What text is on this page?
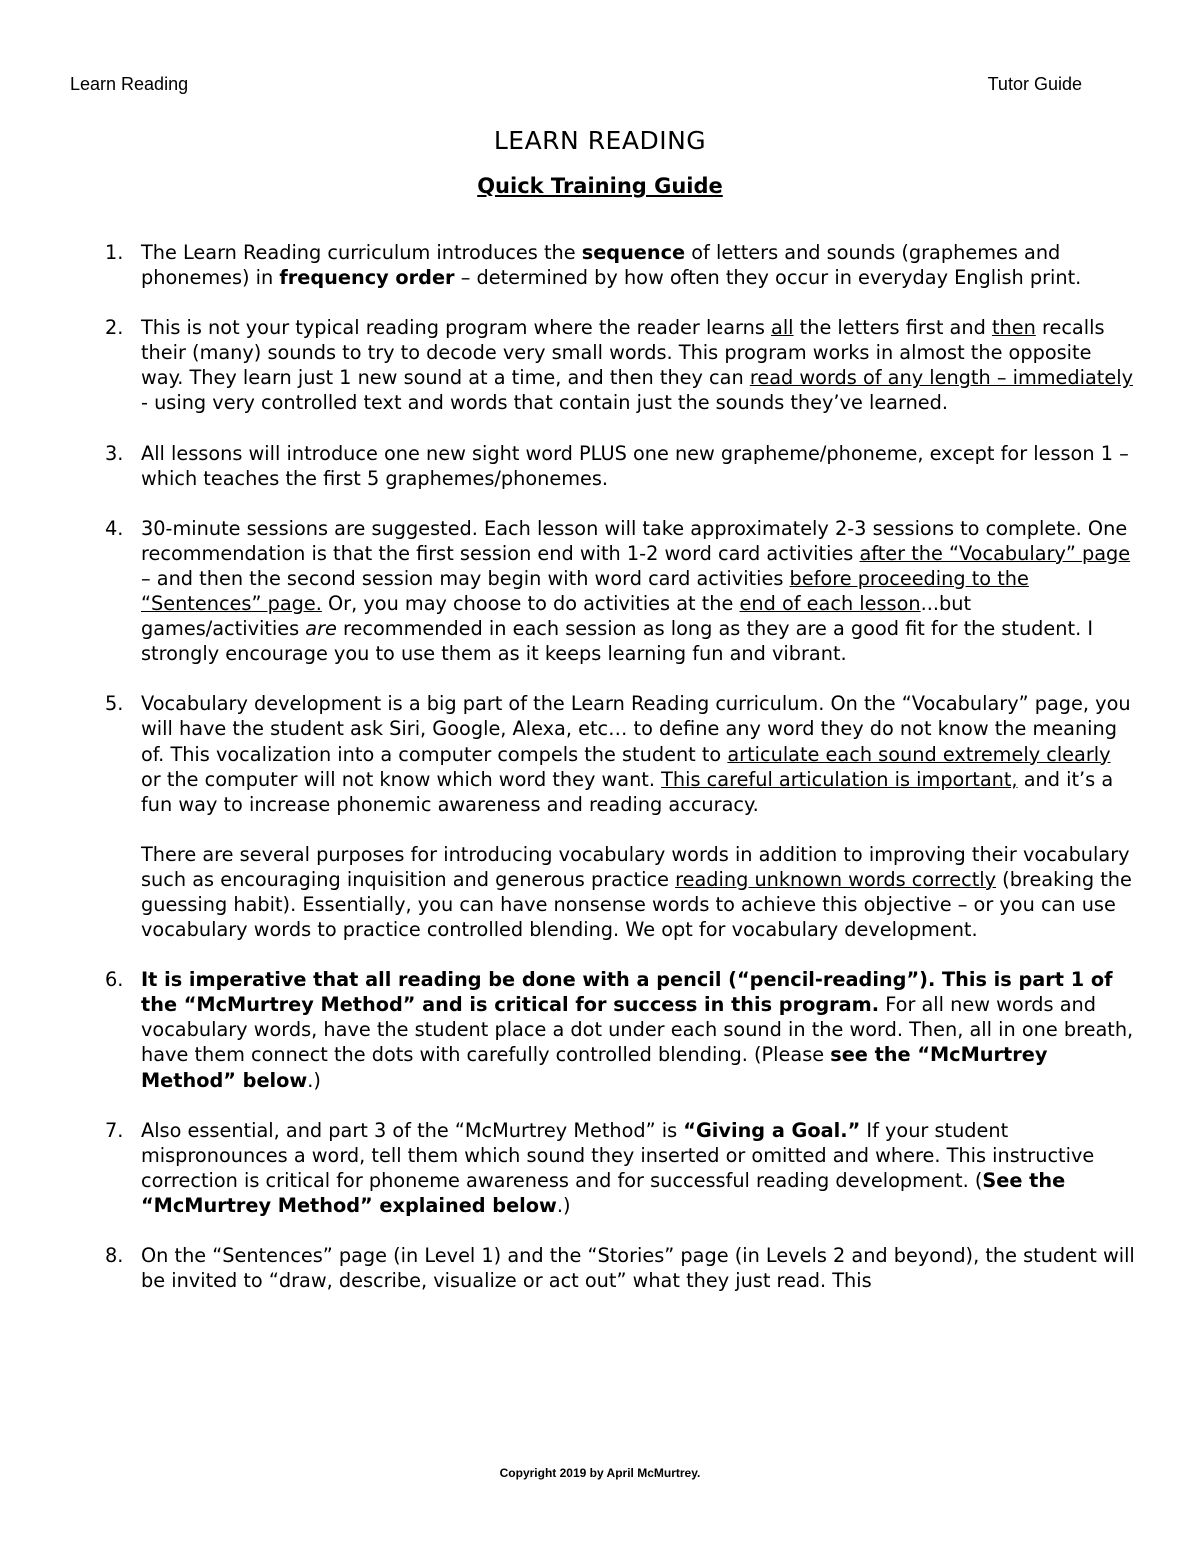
Learn Reading	Tutor Guide
LEARN READING
Quick Training Guide
1. The Learn Reading curriculum introduces the sequence of letters and sounds (graphemes and phonemes) in frequency order – determined by how often they occur in everyday English print.

2. This is not your typical reading program where the reader learns all the letters first and then recalls their (many) sounds to try to decode very small words. This program works in almost the opposite way. They learn just 1 new sound at a time, and then they can read words of any length – immediately - using very controlled text and words that contain just the sounds they’ve learned.

3. All lessons will introduce one new sight word PLUS one new grapheme/phoneme, except for lesson 1 – which teaches the first 5 graphemes/phonemes.

4. 30-minute sessions are suggested. Each lesson will take approximately 2-3 sessions to complete. One recommendation is that the first session end with 1-2 word card activities after the “Vocabulary” page – and then the second session may begin with word card activities before proceeding to the “Sentences” page. Or, you may choose to do activities at the end of each lesson...but games/activities are recommended in each session as long as they are a good fit for the student. I strongly encourage you to use them as it keeps learning fun and vibrant.

5. Vocabulary development is a big part of the Learn Reading curriculum. On the “Vocabulary” page, you will have the student ask Siri, Google, Alexa, etc… to define any word they do not know the meaning of. This vocalization into a computer compels the student to articulate each sound extremely clearly or the computer will not know which word they want. This careful articulation is important, and it’s a fun way to increase phonemic awareness and reading accuracy.

There are several purposes for introducing vocabulary words in addition to improving their vocabulary such as encouraging inquisition and generous practice reading unknown words correctly (breaking the guessing habit). Essentially, you can have nonsense words to achieve this objective – or you can use vocabulary words to practice controlled blending. We opt for vocabulary development.

6. It is imperative that all reading be done with a pencil (“pencil-reading”). This is part 1 of the “McMurtrey Method” and is critical for success in this program. For all new words and vocabulary words, have the student place a dot under each sound in the word. Then, all in one breath, have them connect the dots with carefully controlled blending. (Please see the “McMurtrey Method” below.)

7. Also essential, and part 3 of the “McMurtrey Method” is “Giving a Goal.” If your student mispronounces a word, tell them which sound they inserted or omitted and where. This instructive correction is critical for phoneme awareness and for successful reading development. (See the “McMurtrey Method” explained below.)

8. On the “Sentences” page (in Level 1) and the “Stories” page (in Levels 2 and beyond), the student will be invited to “draw, describe, visualize or act out” what they just read. This

Copyright 2019 by April McMurtrey.
